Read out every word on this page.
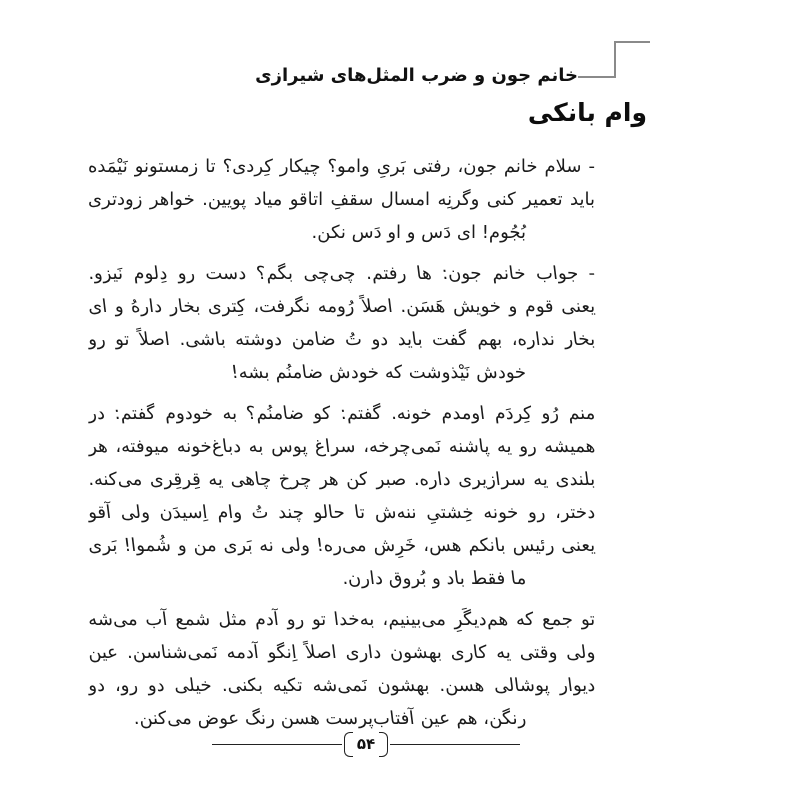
خانم جون و ضرب المثل‌های شیرازی
وام بانکی
- سلام خانم جون، رفتی بَریِ وامو؟ چیکار کِردی؟ تا زمستونو نَیْمَده
باید تعمیر کنی وگرنِه امسال سقفِ اتاقو میاد پویین. خواهر زودتری
بُجُوم! ای دَس و او دَس نکن.
- جواب خانم جون: ها رفتم. چی‌چی بگم؟ دست رو دِلوم نَیزو.
یعنی قوم و خویش هَسَن. اصلاً رُومه نگرفت، کِتری بخار دارهُ و ای
بخار نداره، بهم گفت باید دو تُ ضامن دوشته باشی. اصلاً تو رو
خودش نَیْذوشت که خودش ضامنُم بشه!
منم رُو کِردَم اومدم خونه. گفتم: کو ضامنُم؟ به خودوم گفتم: در
همیشه رو یه پاشنه نَمی‌چرخه، سراغ پوس به دباغ‌خونه میوفته، هر
بلندی یه سرازیری داره. صبر کن هر چرخ چاهی یه قِرقِری می‌کنه.
دختر، رو خونه خِشتیِ ننه‌ش تا حالو چند تُ وام اِسیدَن ولی آقو
یعنی رئیس بانکم هس، خَرِش می‌ره! ولی نه بَری من و شُموا! بَری
ما فقط باد و بُروق دارن.
تو جمع که هم‌دیگَرِ می‌بینیم، به‌خدا تو رو آدم مثل شمع آب می‌شه
ولی وقتی یه کاری بهشون داری اصلاً اِنگو آدمه نَمی‌شناسن. عین
دیوار پوشالی هسن. بهشون نَمی‌شه تکیه بکنی. خیلی دو رو، دو
رنگن، هم عین آفتاب‌پرست هسن رنگ عوض می‌کنن.
۵۴
